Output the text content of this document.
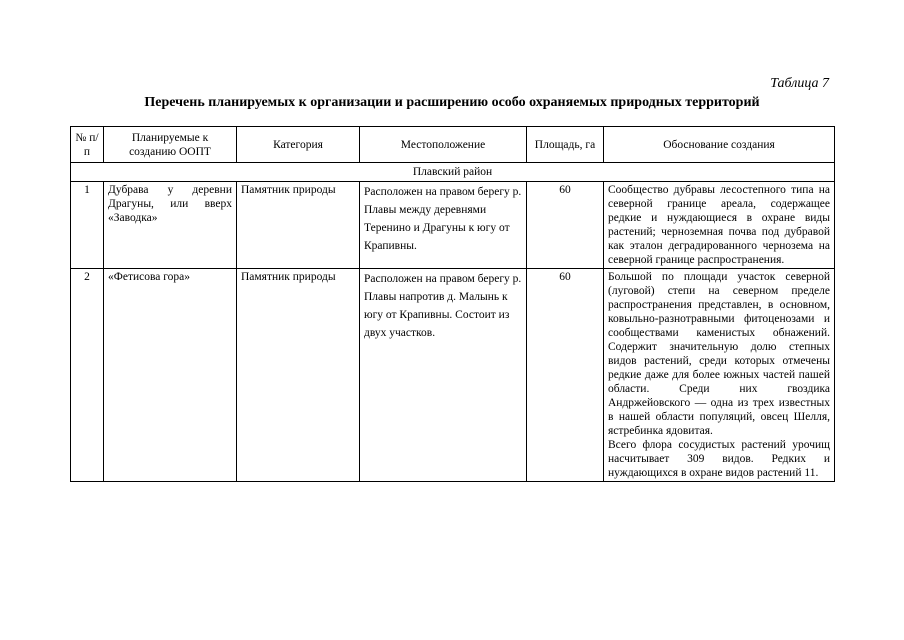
Таблица 7
Перечень планируемых к организации и расширению особо охраняемых природных территорий
№ п/п	Планируемые к созданию ООПТ	Категория	Местоположение	Площадь, га	Обоснование создания
Плавский район					
1	Дубрава у деревни Драгуны, или вверх «Заводка»	Памятник природы	Расположен на правом берегу р. Плавы между деревнями Теренино и Драгуны к югу от Крапивны.	60	Сообщество дубравы лесостепного типа на северной границе ареала, содержащее редкие и нуждающиеся в охране виды растений; черноземная почва под дубравой как эталон деградированного чернозема на северной границе распространения.
2	«Фетисова гора»	Памятник природы	Расположен на правом берегу р. Плавы напротив д. Малынь к югу от Крапивны. Состоит из двух участков.	60	Большой по площади участок северной (луговой) степи на северном пределе распространения представлен, в основном, ковыльно-разнотравными фитоценозами и сообществами каменистых обнажений. Содержит значительную долю степных видов растений, среди которых отмечены редкие даже для более южных частей пашей области. Среди них гвоздика Андржейовского — одна из трех известных в нашей области популяций, овсец Шелля, ястребинка ядовитая.
Всего флора сосудистых растений урочищ насчитывает 309 видов. Редких и нуждающихся в охране видов растений 11.
